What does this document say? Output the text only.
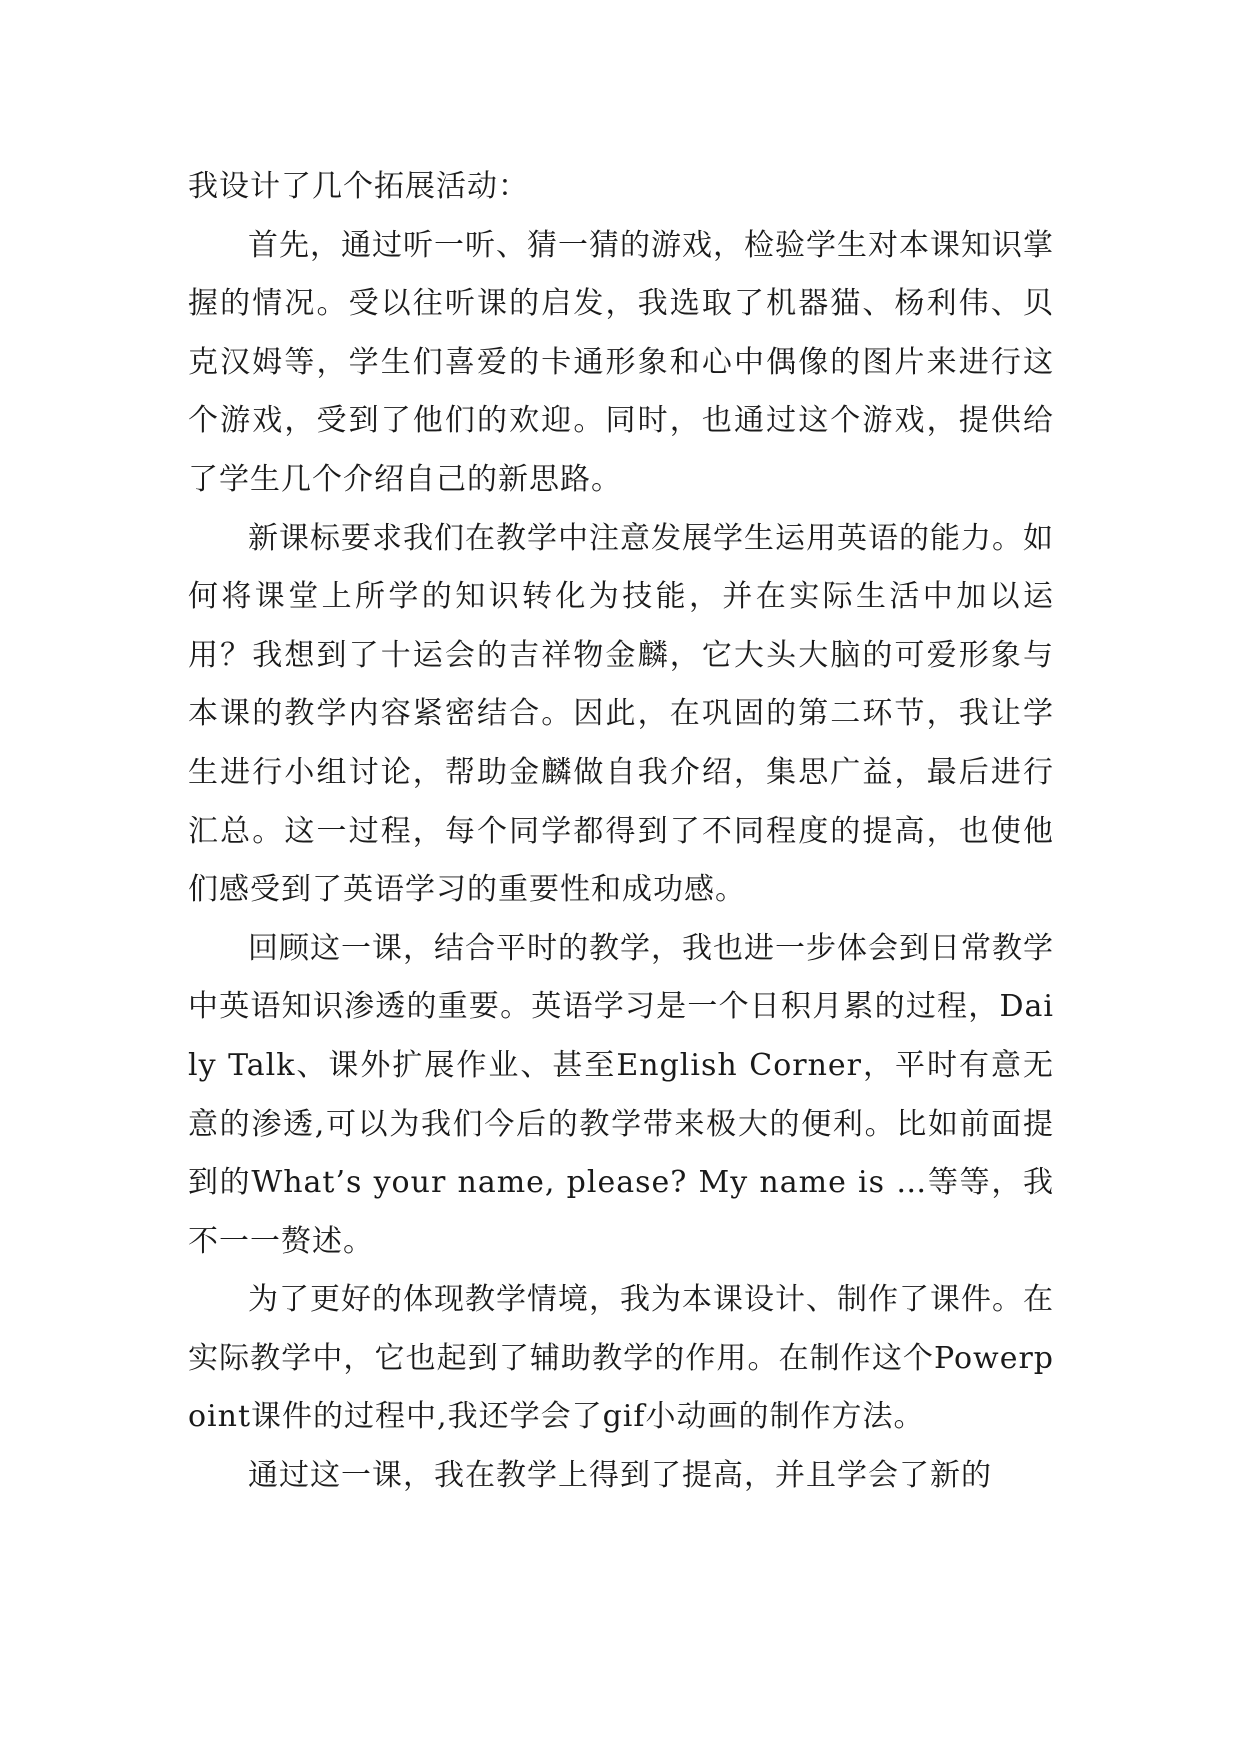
我设计了几个拓展活动：

首先，通过听一听、猜一猜的游戏，检验学生对本课知识掌握的情况。受以往听课的启发，我选取了机器猫、杨利伟、贝克汉姆等，学生们喜爱的卡通形象和心中偶像的图片来进行这个游戏，受到了他们的欢迎。同时，也通过这个游戏，提供给了学生几个介绍自己的新思路。

新课标要求我们在教学中注意发展学生运用英语的能力。如何将课堂上所学的知识转化为技能，并在实际生活中加以运用？我想到了十运会的吉祥物金麟，它大头大脑的可爱形象与本课的教学内容紧密结合。因此，在巩固的第二环节，我让学生进行小组讨论，帮助金麟做自我介绍，集思广益，最后进行汇总。这一过程，每个同学都得到了不同程度的提高，也使他们感受到了英语学习的重要性和成功感。

回顾这一课，结合平时的教学，我也进一步体会到日常教学中英语知识渗透的重要。英语学习是一个日积月累的过程，Daily Talk、课外扩展作业、甚至English Corner，平时有意无意的渗透,可以为我们今后的教学带来极大的便利。比如前面提到的What’s your name, please? My name is …等等，我不一一赘述。

为了更好的体现教学情境，我为本课设计、制作了课件。在实际教学中，它也起到了辅助教学的作用。在制作这个Powerpoint课件的过程中,我还学会了gif小动画的制作方法。

通过这一课，我在教学上得到了提高，并且学会了新的
